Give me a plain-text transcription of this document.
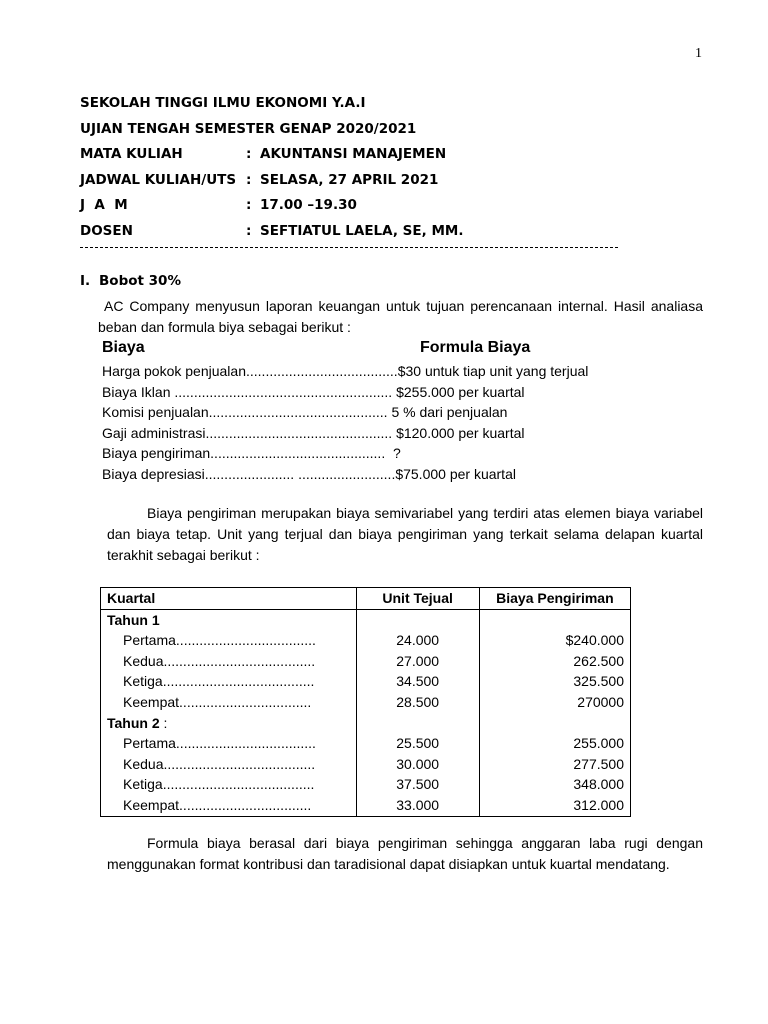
1
SEKOLAH TINGGI ILMU EKONOMI Y.A.I
UJIAN TENGAH SEMESTER GENAP 2020/2021
MATA KULIAH	: AKUNTANSI MANAJEMEN
JADWAL KULIAH/UTS : SELASA, 27 APRIL 2021
J  A  M	: 17.00 –19.30
DOSEN	: SEFTIATUL LAELA, SE, MM.
I. Bobot 30%
AC Company menyusun laporan keuangan untuk tujuan perencanaan internal. Hasil analiasa beban dan formula biya sebagai berikut :
Biaya	Formula Biaya
Harga pokok penjualan.......................................$30 untuk tiap unit yang terjual
Biaya Iklan ........................................................ $255.000 per kuartal
Komisi penjualan.............................................. 5 % dari penjualan
Gaji administrasi................................................ $120.000 per kuartal
Biaya pengiriman.............................................  ?
Biaya depresiasi....................... .........................$75.000 per kuartal
Biaya pengiriman merupakan biaya semivariabel yang terdiri atas elemen biaya variabel dan biaya tetap. Unit yang terjual dan biaya pengiriman yang terkait selama delapan kuartal terakhit sebagai berikut :
Kuartal	Unit Tejual	Biaya Pengiriman
Tahun 1		
Pertama....................................	24.000	$240.000
Kedua.......................................	27.000	262.500
Ketiga.......................................	34.500	325.500
Keempat..................................	28.500	270000
Tahun 2 :		
Pertama....................................	25.500	255.000
Kedua.......................................	30.000	277.500
Ketiga.......................................	37.500	348.000
Keempat..................................	33.000	312.000
Formula biaya berasal dari biaya pengiriman sehingga anggaran laba rugi dengan menggunakan format kontribusi dan taradisional dapat disiapkan untuk kuartal mendatang.
